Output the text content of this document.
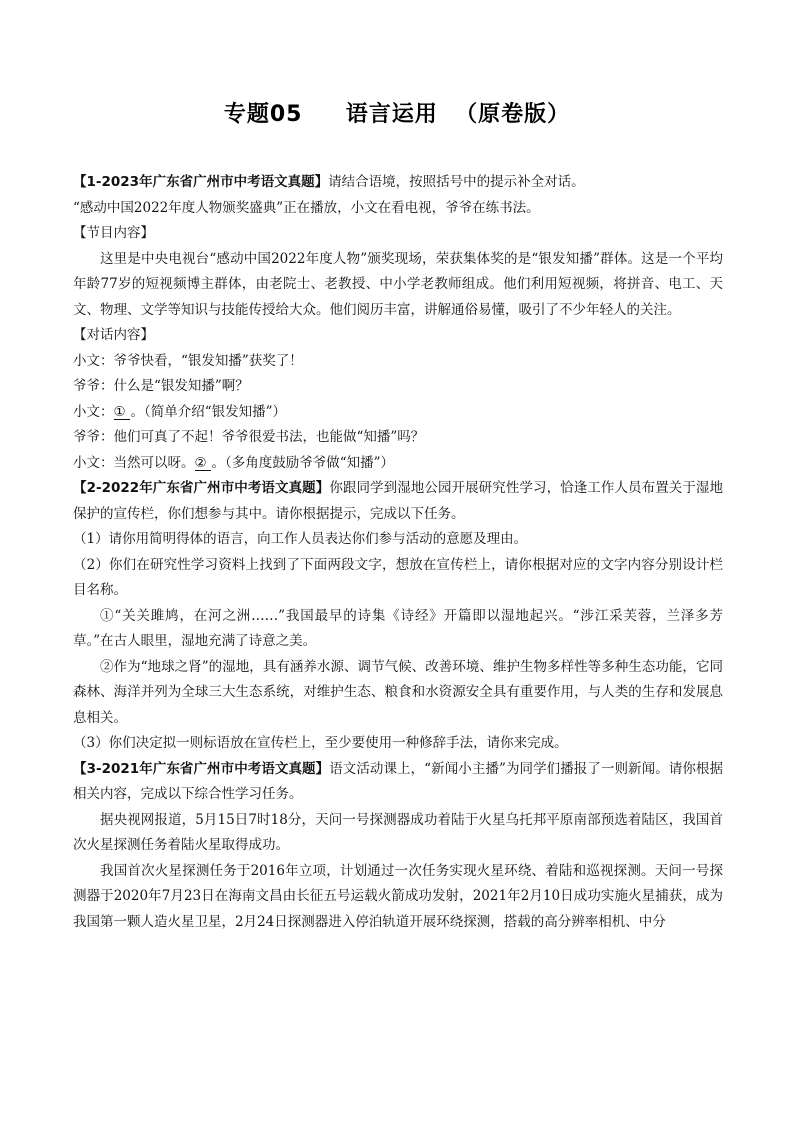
专题05     语言运用  （原卷版）

【1-2023年广东省广州市中考语文真题】请结合语境，按照括号中的提示补全对话。

“感动中国2022年度人物颁奖盛典”正在播放，小文在看电视，爷爷在练书法。

【节目内容】

这里是中央电视台“感动中国2022年度人物”颁奖现场，荣获集体奖的是“银发知播”群体。这是一个平均年龄77岁的短视频博主群体，由老院士、老教授、中小学老教师组成。他们利用短视频，将拼音、电工、天文、物理、文学等知识与技能传授给大众。他们阅历丰富，讲解通俗易懂，吸引了不少年轻人的关注。

【对话内容】

小文：爷爷快看，“银发知播”获奖了！

爷爷：什么是“银发知播”啊？

小文：① 。（简单介绍“银发知播”）

爷爷：他们可真了不起！爷爷很爱书法，也能做“知播”吗？

小文：当然可以呀。② 。（多角度鼓励爷爷做“知播”）

【2-2022年广东省广州市中考语文真题】你跟同学到湿地公园开展研究性学习，恰逢工作人员布置关于湿地保护的宣传栏，你们想参与其中。请你根据提示，完成以下任务。

（1）请你用简明得体的语言，向工作人员表达你们参与活动的意愿及理由。

（2）你们在研究性学习资料上找到了下面两段文字，想放在宣传栏上，请你根据对应的文字内容分别设计栏目名称。

①“关关雎鸠，在河之洲……”我国最早的诗集《诗经》开篇即以湿地起兴。“涉江采芙蓉，兰泽多芳草。”在古人眼里，湿地充满了诗意之美。

②作为“地球之肾”的湿地，具有涵养水源、调节气候、改善环境、维护生物多样性等多种生态功能，它同森林、海洋并列为全球三大生态系统，对维护生态、粮食和水资源安全具有重要作用，与人类的生存和发展息息相关。

（3）你们决定拟一则标语放在宣传栏上，至少要使用一种修辞手法，请你来完成。

【3-2021年广东省广州市中考语文真题】语文活动课上，“新闻小主播”为同学们播报了一则新闻。请你根据相关内容，完成以下综合性学习任务。

据央视网报道，5月15日7时18分，天问一号探测器成功着陆于火星乌托邦平原南部预选着陆区，我国首次火星探测任务着陆火星取得成功。

我国首次火星探测任务于2016年立项，计划通过一次任务实现火星环绕、着陆和巡视探测。天问一号探测器于2020年7月23日在海南文昌由长征五号运载火箭成功发射，2021年2月10日成功实施火星捕获，成为我国第一颗人造火星卫星，2月24日探测器进入停泊轨道开展环绕探测，搭载的高分辨率相机、中分
